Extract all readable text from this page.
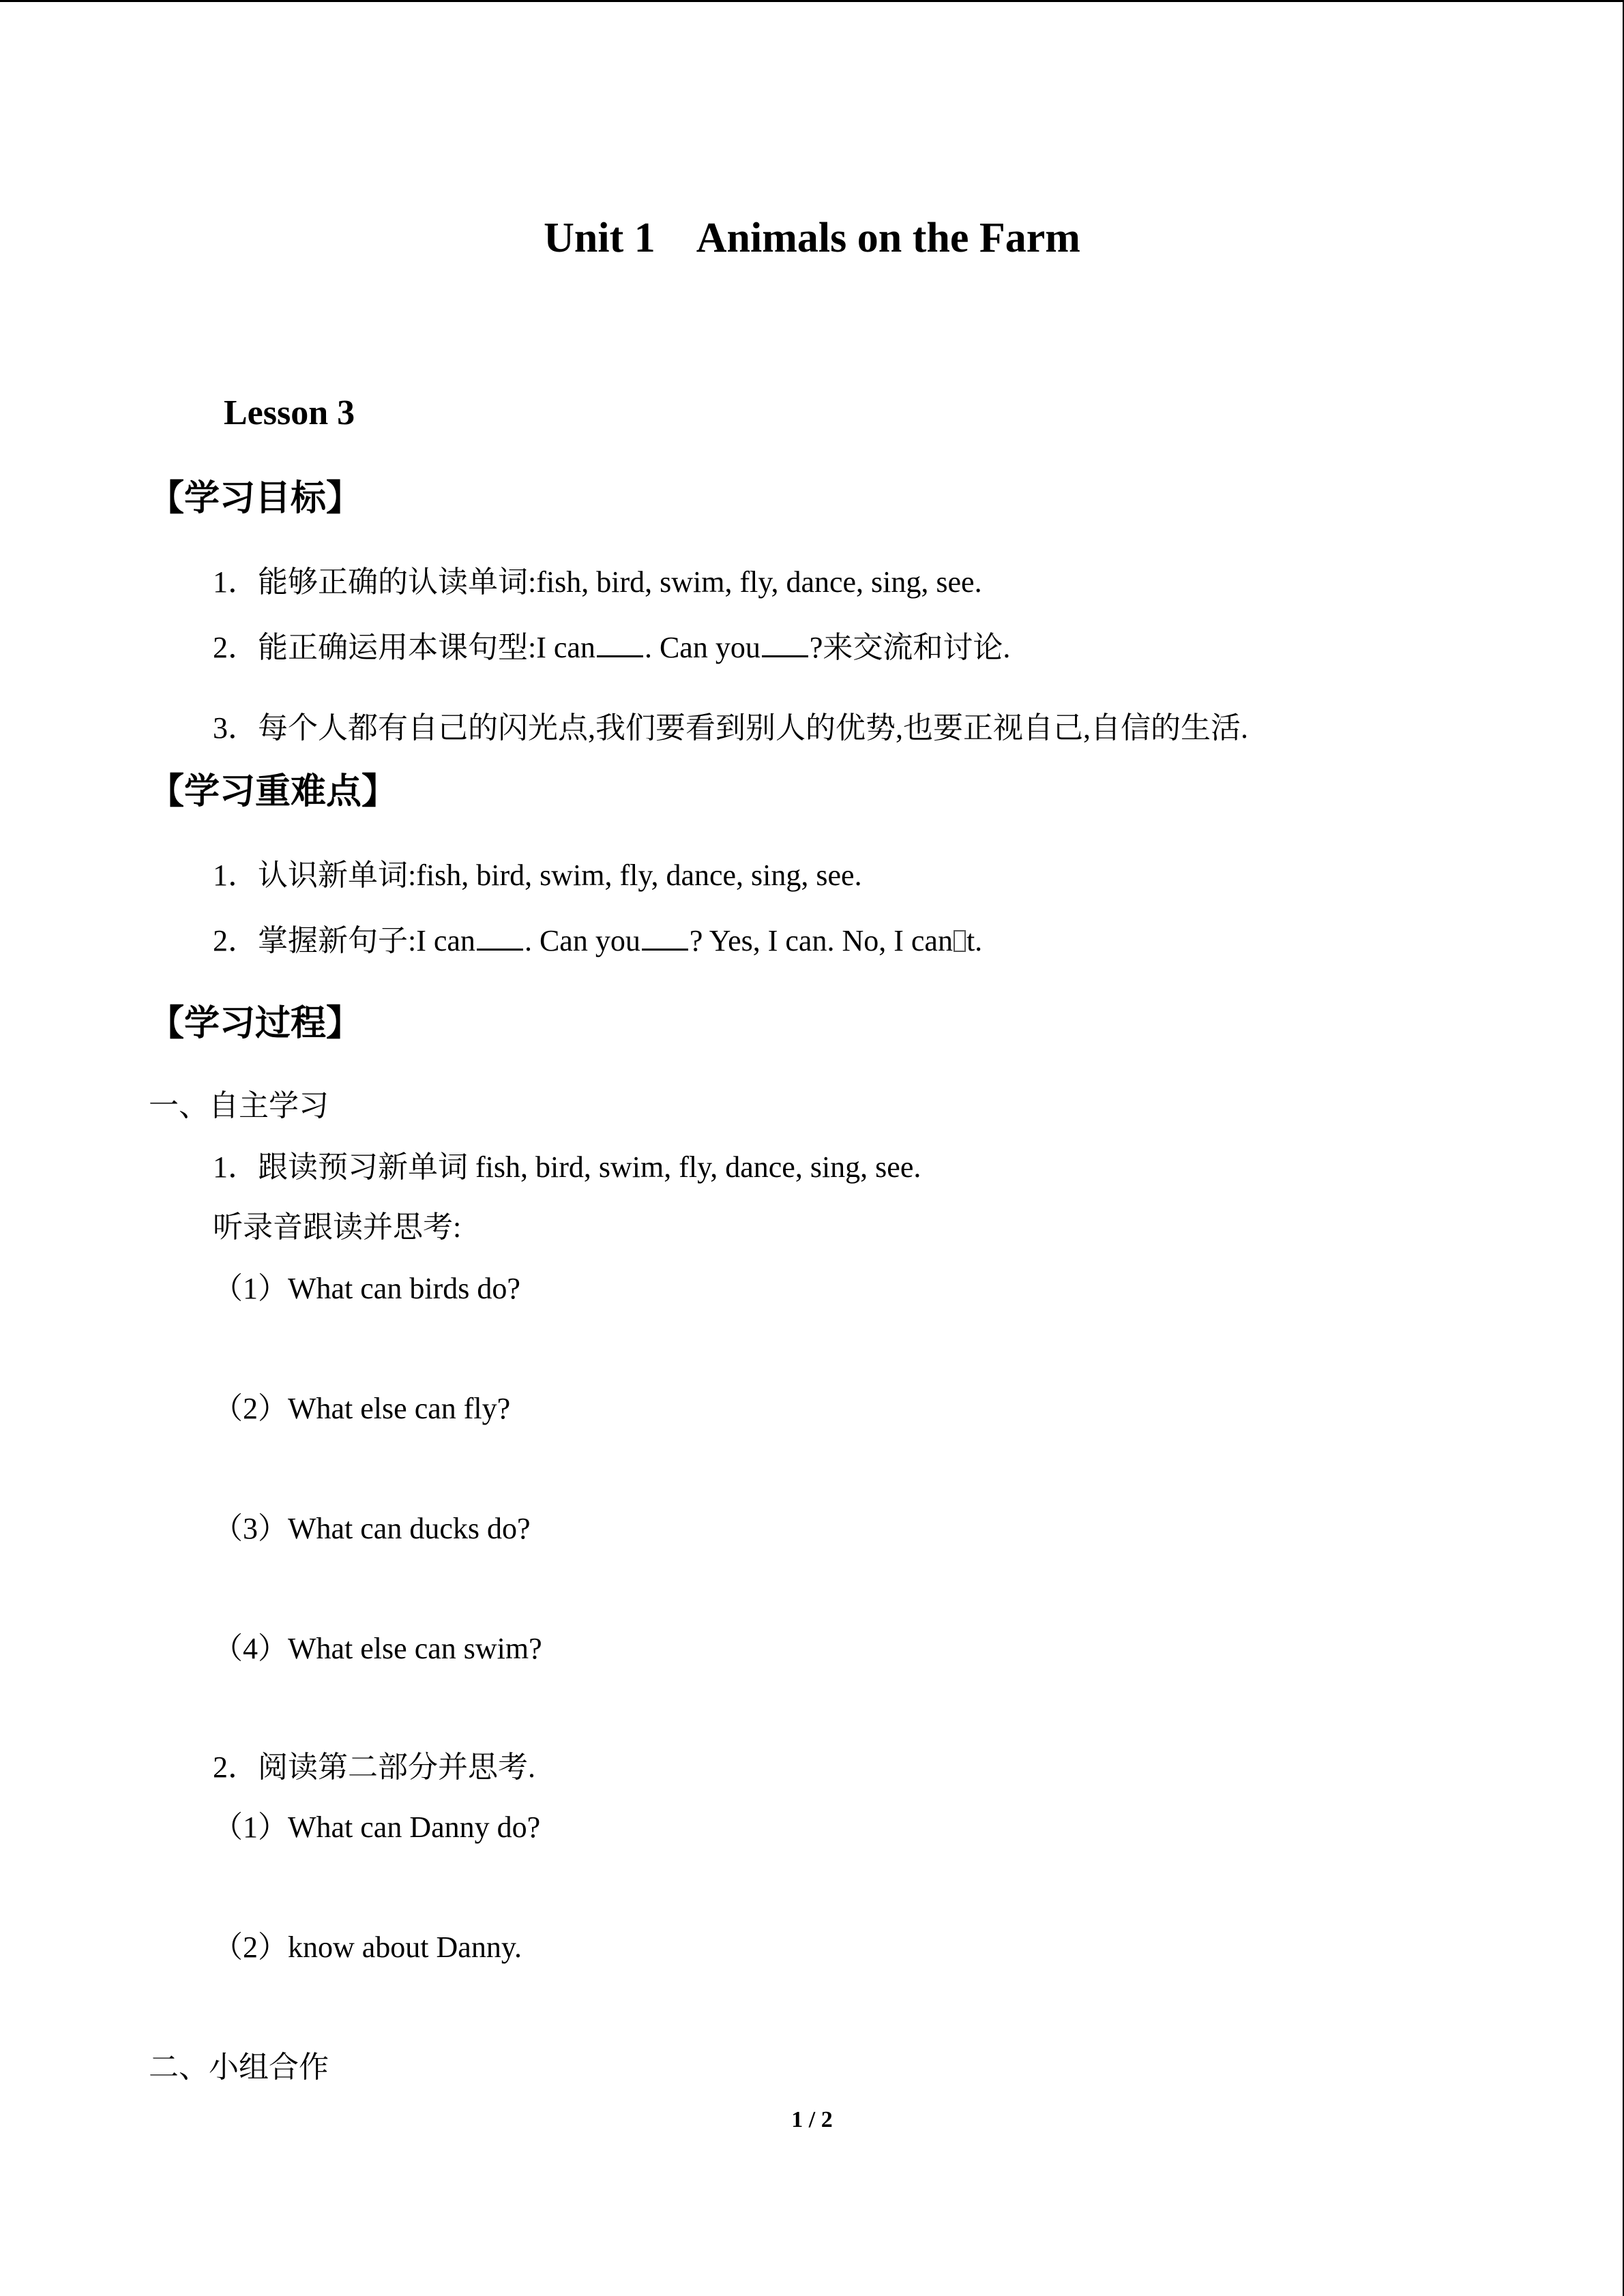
Unit 1 Animals on the Farm
Lesson 3
【学习目标】
1．能够正确的认读单词:fish, bird, swim, fly, dance, sing, see.
2．能正确运用本课句型:I can . Can you ?来交流和讨论.
3．每个人都有自己的闪光点,我们要看到别人的优势,也要正视自己,自信的生活.
【学习重难点】
1．认识新单词:fish, bird, swim, fly, dance, sing, see.
2．掌握新句子:I can . Can you ? Yes, I can. No, I can t.
【学习过程】
一、自主学习
1．跟读预习新单词 fish, bird, swim, fly, dance, sing, see.
听录音跟读并思考:
（1）What can birds do?
（2）What else can fly?
（3）What can ducks do?
（4）What else can swim?
2．阅读第二部分并思考.
（1）What can Danny do?
（2）know about Danny.
二、小组合作
1 / 2
